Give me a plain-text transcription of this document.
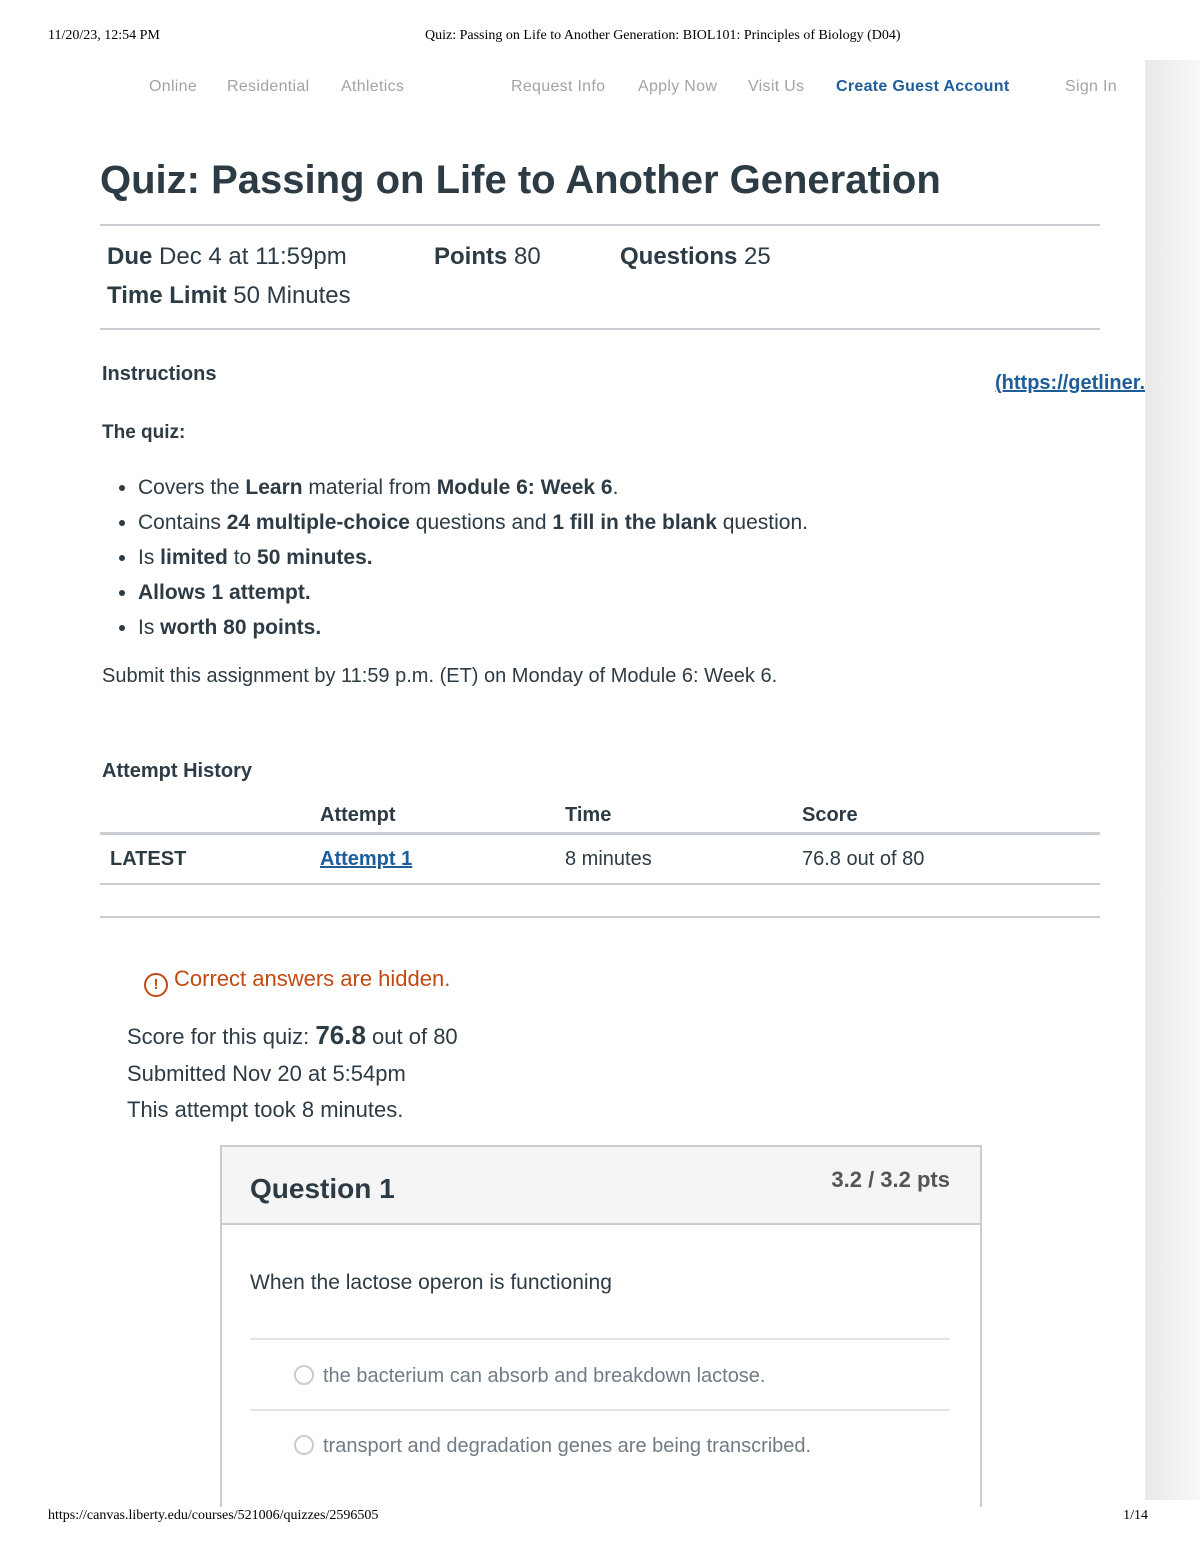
11/20/23, 12:54 PM	Quiz: Passing on Life to Another Generation: BIOL101: Principles of Biology (D04)
Online Residential Athletics	Request Info Apply Now Visit Us Create Guest Account	Sign In
Quiz: Passing on Life to Another Generation
Due Dec 4 at 11:59pm	Points 80	Questions 25
Time Limit 50 Minutes
Instructions	(https://getliner.
The quiz:
• Covers the Learn material from Module 6: Week 6.
• Contains 24 multiple-choice questions and 1 fill in the blank question.
• Is limited to 50 minutes.
• Allows 1 attempt.
• Is worth 80 points.
Submit this assignment by 11:59 p.m. (ET) on Monday of Module 6: Week 6.
Attempt History
	Attempt	Time	Score
LATEST	Attempt 1	8 minutes	76.8 out of 80
! Correct answers are hidden.
Score for this quiz: 76.8 out of 80
Submitted Nov 20 at 5:54pm
This attempt took 8 minutes.
Question 1	3.2 / 3.2 pts
When the lactose operon is functioning
the bacterium can absorb and breakdown lactose.
transport and degradation genes are being transcribed.
https://canvas.liberty.edu/courses/521006/quizzes/2596505	1/14
